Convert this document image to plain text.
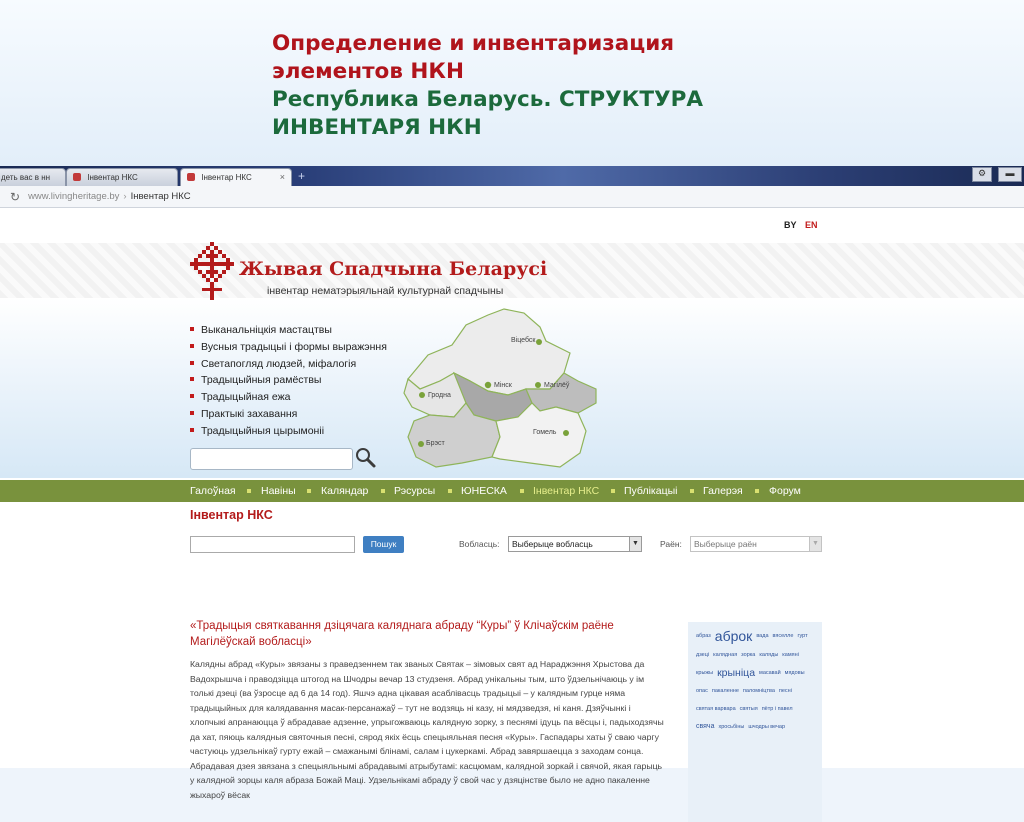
Определение и инвентаризация
элементов НКН
Республика Беларусь. СТРУКТУРА
ИНВЕНТАРЯ НКН
деть вас в нн	Інвентар НКС	Інвентар НКС	× +	⚙	▬
↻ www.livingheritage.by › Інвентар НКС
BY EN
Жывая Спадчына Беларусі
інвентар нематэрыяльнай культурнай спадчыны
Выканальніцкія мастацтвы
Вусныя традыцыі і формы выражэння
Светапогляд людзей, міфалогія
Традыцыйныя рамёствы
Традыцыйная ежа
Практыкі захавання
Традыцыйныя цырымоніі
Віцебск
Мінск	Магілёў
Гродна
Брэст
Гомель
Галоўная Навіны Каляндар Рэсурсы ЮНЕСКА Інвентар НКС Публікацыі Галерэя	Форум
Інвентар НКС
Пошук	Вобласць:	Выберыце вобласць	▼ Раён:	Выберыце раён	▼
«Традыцыя святкавання дзіцячага каляднага абраду “Куры” ў Клічаўскім раёне Магілёўскай вобласці»
Калядны абрад «Куры» звязаны з праведзеннем так званых Святак – зімовых свят ад Нараджэння Хрыстова да Вадохрышча і праводзіцца штогод на Шчодры вечар 13 студзеня. Абрад унікальны тым, што ўдзельнічаюць у ім толькі дзеці (ва ўзросце ад 6 да 14 год). Яшчэ адна цікавая асаблівасць традыцыі – у калядным гурце няма традыцыйных для калядавання масак-персанажаў – тут не водзяць ні казу, ні мядзведзя, ні каня. Дзяўчынкі і хлопчыкі апранаюцца ў абрадавае адзенне, упрыгожваюць калядную зорку, з песнямі ідуць па вёсцы і, падыходзячы да хат, пяюць калядныя святочныя песні, сярод якіх ёсць спецыяльная песня «Куры». Гаспадары хаты ў сваю чаргу частуюць удзельнікаў гурту ежай – смажанымі блінамі, салам і цукеркамі. Абрад завяршаецца з заходам сонца. Абрадавая дзея звязана з спецыяльнымі абрадавымі атрыбутамі: касцюмам, калядной зоркай і свячой, якая гарыць у калядной зорцы каля абраза Божай Маці. Удзельнікамі абраду ў свой час у дзяцінстве было не адно пакаленне жыхароў вёсак
абраз аброк вада вяселле гуртдзеці калядная зорка каляды камянікрыжы крыніца масавай мядовыопас пакаленне паломніцтва песнісвятая варвара святыя пётр і павелсвяча хросьбіны шчодры вечар
